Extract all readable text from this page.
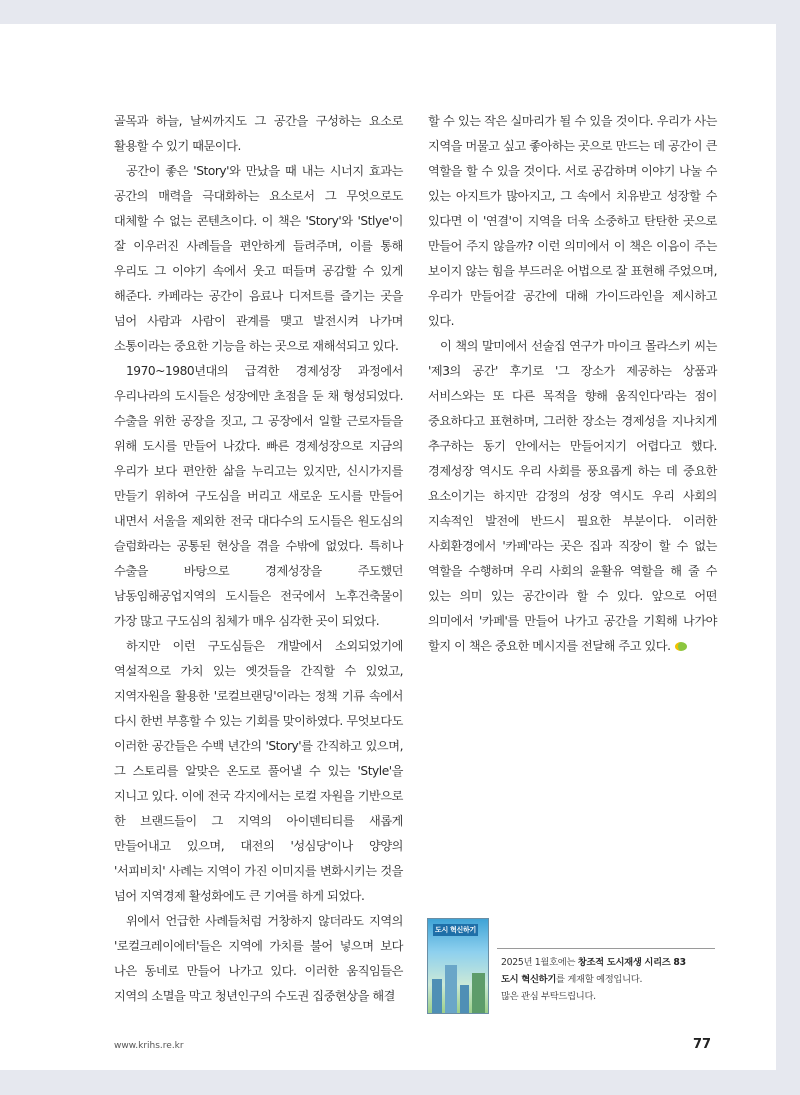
골목과 하늘, 날씨까지도 그 공간을 구성하는 요소로 활용할 수 있기 때문이다.

공간이 좋은 'Story'와 만났을 때 내는 시너지 효과는 공간의 매력을 극대화하는 요소로서 그 무엇으로도 대체할 수 없는 콘텐츠이다. 이 책은 'Story'와 'Stlye'이 잘 이우러진 사례들을 편안하게 들려주며, 이를 통해 우리도 그 이야기 속에서 웃고 떠들며 공감할 수 있게 해준다. 카페라는 공간이 음료나 디저트를 즐기는 곳을 넘어 사람과 사람이 관계를 맺고 발전시켜 나가며 소통이라는 중요한 기능을 하는 곳으로 재해석되고 있다.

1970~1980년대의 급격한 경제성장 과정에서 우리나라의 도시들은 성장에만 초점을 둔 채 형성되었다. 수출을 위한 공장을 짓고, 그 공장에서 일할 근로자들을 위해 도시를 만들어 나갔다. 빠른 경제성장으로 지금의 우리가 보다 편안한 삶을 누리고는 있지만, 신시가지를 만들기 위하여 구도심을 버리고 새로운 도시를 만들어 내면서 서울을 제외한 전국 대다수의 도시들은 원도심의 슬럼화라는 공통된 현상을 겪을 수밖에 없었다. 특히나 수출을 바탕으로 경제성장을 주도했던 남동임해공업지역의 도시들은 전국에서 노후건축물이 가장 많고 구도심의 침체가 매우 심각한 곳이 되었다.

하지만 이런 구도심들은 개발에서 소외되었기에 역설적으로 가치 있는 옛것들을 간직할 수 있었고, 지역자원을 활용한 '로컬브랜딩'이라는 정책 기류 속에서 다시 한번 부흥할 수 있는 기회를 맞이하였다. 무엇보다도 이러한 공간들은 수백 년간의 'Story'를 간직하고 있으며, 그 스토리를 알맞은 온도로 풀어낼 수 있는 'Style'을 지니고 있다. 이에 전국 각지에서는 로컬 자원을 기반으로 한 브랜드들이 그 지역의 아이덴티티를 새롭게 만들어내고 있으며, 대전의 '성심당'이나 양양의 '서피비치' 사례는 지역이 가진 이미지를 변화시키는 것을 넘어 지역경제 활성화에도 큰 기여를 하게 되었다.

위에서 언급한 사례들처럼 거창하지 않더라도 지역의 '로컬크레이에터'들은 지역에 가치를 불어 넣으며 보다 나은 동네로 만들어 나가고 있다. 이러한 움직임들은 지역의 소멸을 막고 청년인구의 수도권 집중현상을 해결

할 수 있는 작은 실마리가 될 수 있을 것이다. 우리가 사는 지역을 머물고 싶고 좋아하는 곳으로 만드는 데 공간이 큰 역할을 할 수 있을 것이다. 서로 공감하며 이야기 나눌 수 있는 아지트가 많아지고, 그 속에서 치유받고 성장할 수 있다면 이 '연결'이 지역을 더욱 소중하고 탄탄한 곳으로 만들어 주지 않을까? 이런 의미에서 이 책은 이음이 주는 보이지 않는 힘을 부드러운 어법으로 잘 표현해 주었으며, 우리가 만들어갈 공간에 대해 가이드라인을 제시하고 있다.

이 책의 말미에서 선술집 연구가 마이크 몰라스키 씨는 '제3의 공간' 후기로 '그 장소가 제공하는 상품과 서비스와는 또 다른 목적을 향해 움직인다'라는 점이 중요하다고 표현하며, 그러한 장소는 경제성을 지나치게 추구하는 동기 안에서는 만들어지기 어렵다고 했다. 경제성장 역시도 우리 사회를 풍요롭게 하는 데 중요한 요소이기는 하지만 감정의 성장 역시도 우리 사회의 지속적인 발전에 반드시 필요한 부분이다. 이러한 사회환경에서 '카페'라는 곳은 집과 직장이 할 수 없는 역할을 수행하며 우리 사회의 윤활유 역할을 해 줄 수 있는 의미 있는 공간이라 할 수 있다. 앞으로 어떤 의미에서 '카페'를 만들어 나가고 공간을 기획해 나가야 할지 이 책은 중요한 메시지를 전달해 주고 있다.

도시 혁신하기
2025년 1월호에는 창조적 도시재생 시리즈 83
도시 혁신하기를 게재할 예정입니다.
많은 관심 부탁드립니다.
www.krihs.re.kr	77
